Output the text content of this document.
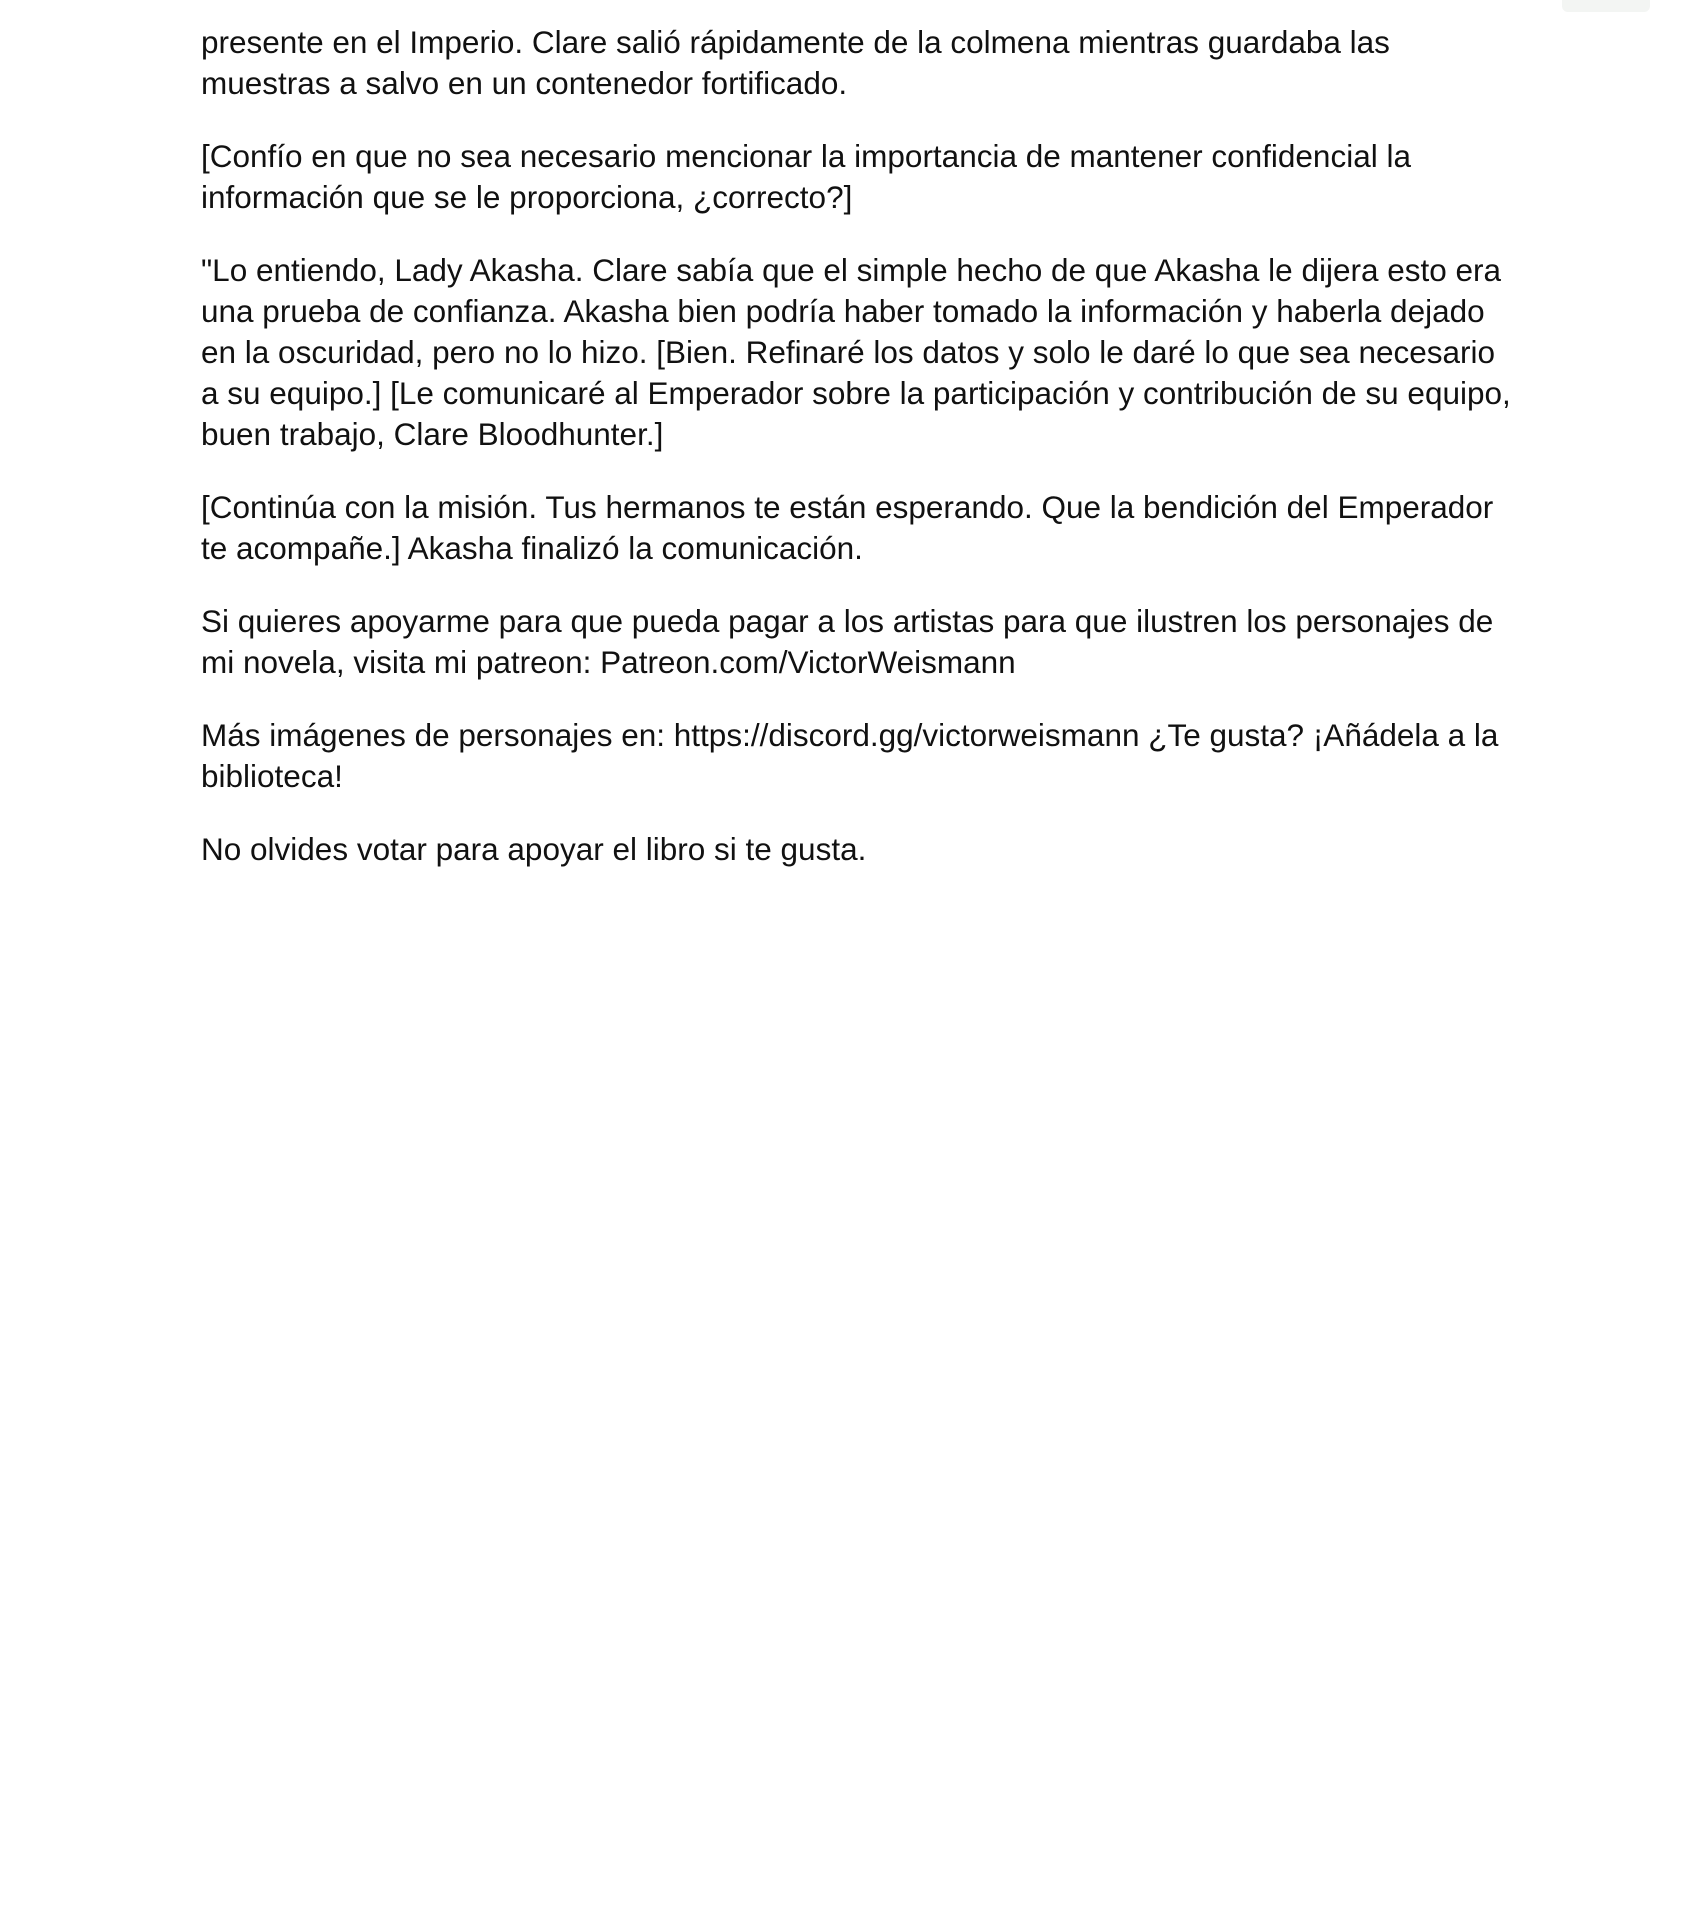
presente en el Imperio. Clare salió rápidamente de la colmena mientras guardaba las muestras a salvo en un contenedor fortificado.

[Confío en que no sea necesario mencionar la importancia de mantener confidencial la información que se le proporciona, ¿correcto?]

"Lo entiendo, Lady Akasha. Clare sabía que el simple hecho de que Akasha le dijera esto era una prueba de confianza. Akasha bien podría haber tomado la información y haberla dejado en la oscuridad, pero no lo hizo. [Bien. Refinaré los datos y solo le daré lo que sea necesario a su equipo.] [Le comunicaré al Emperador sobre la participación y contribución de su equipo, buen trabajo, Clare Bloodhunter.]

[Continúa con la misión. Tus hermanos te están esperando. Que la bendición del Emperador te acompañe.] Akasha finalizó la comunicación.

Si quieres apoyarme para que pueda pagar a los artistas para que ilustren los personajes de mi novela, visita mi patreon: Patreon.com/VictorWeismann

Más imágenes de personajes en: https://discord.gg/victorweismann ¿Te gusta? ¡Añádela a la biblioteca!

No olvides votar para apoyar el libro si te gusta.
